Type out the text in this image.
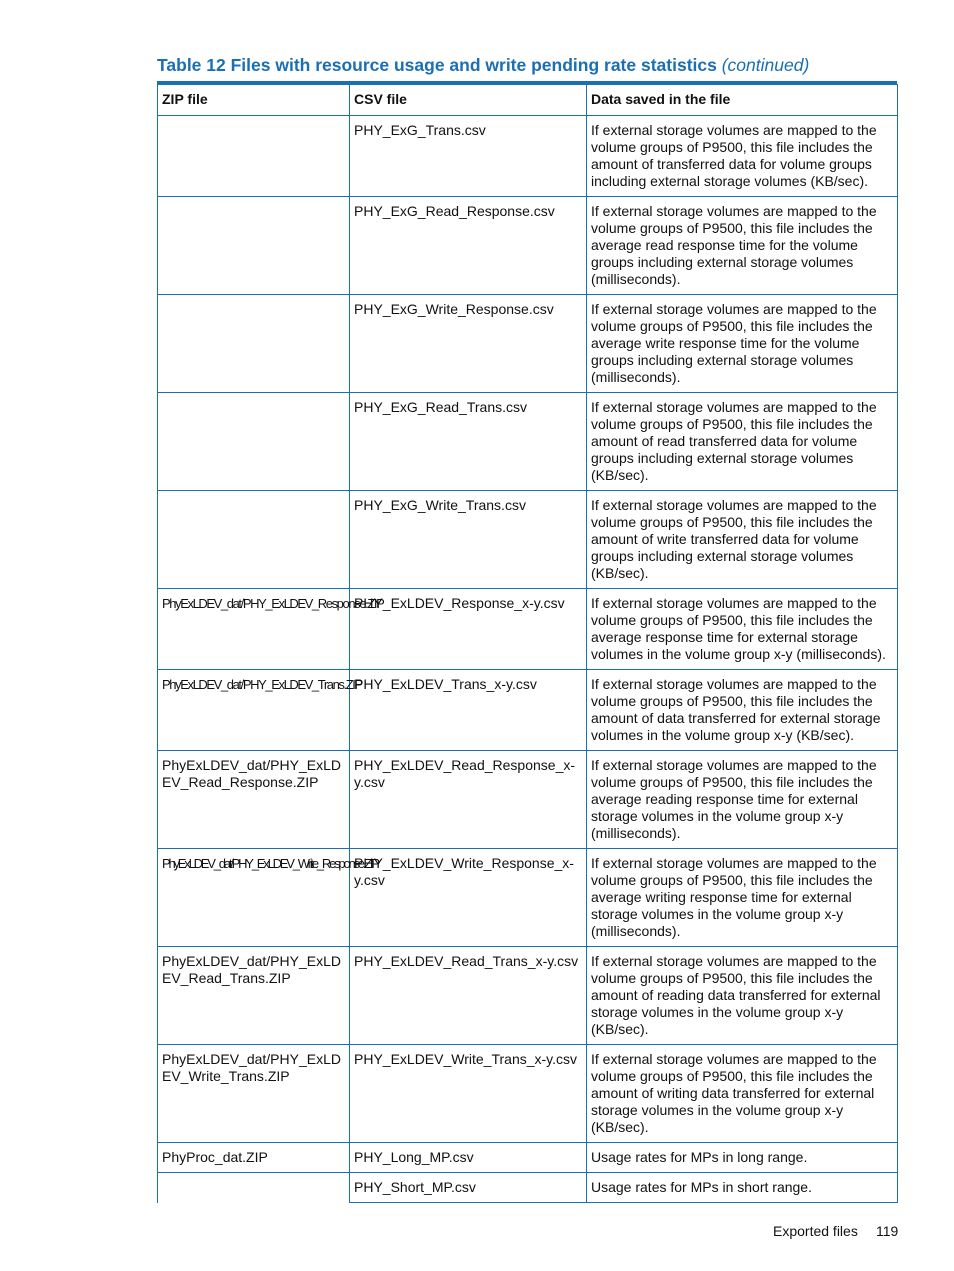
Table 12 Files with resource usage and write pending rate statistics (continued)
ZIP file	CSV file	Data saved in the file
	PHY_ExG_Trans.csv	If external storage volumes are mapped to the volume groups of P9500, this file includes the amount of transferred data for volume groups including external storage volumes (KB/sec).
	PHY_ExG_Read_Response.csv	If external storage volumes are mapped to the volume groups of P9500, this file includes the average read response time for the volume groups including external storage volumes (milliseconds).
	PHY_ExG_Write_Response.csv	If external storage volumes are mapped to the volume groups of P9500, this file includes the average write response time for the volume groups including external storage volumes (milliseconds).
	PHY_ExG_Read_Trans.csv	If external storage volumes are mapped to the volume groups of P9500, this file includes the amount of read transferred data for volume groups including external storage volumes (KB/sec).
	PHY_ExG_Write_Trans.csv	If external storage volumes are mapped to the volume groups of P9500, this file includes the amount of write transferred data for volume groups including external storage volumes (KB/sec).
PhyExLDEV_dat/PHY_ExLDEV_Response.ZIP	PHY_ExLDEV_Response_x-y.csv	If external storage volumes are mapped to the volume groups of P9500, this file includes the average response time for external storage volumes in the volume group x-y (milliseconds).
PhyExLDEV_dat/PHY_ExLDEV_Trans.ZIP	PHY_ExLDEV_Trans_x-y.csv	If external storage volumes are mapped to the volume groups of P9500, this file includes the amount of data transferred for external storage volumes in the volume group x-y (KB/sec).
PhyExLDEV_dat/PHY_ExLDEV_Read_Response.ZIP	PHY_ExLDEV_Read_Response_x-y.csv	If external storage volumes are mapped to the volume groups of P9500, this file includes the average reading response time for external storage volumes in the volume group x-y (milliseconds).
PhyExLDEV_dat/PHY_ExLDEV_Write_Response.ZIP	PHY_ExLDEV_Write_Response_x-y.csv	If external storage volumes are mapped to the volume groups of P9500, this file includes the average writing response time for external storage volumes in the volume group x-y (milliseconds).
PhyExLDEV_dat/PHY_ExLDEV_Read_Trans.ZIP	PHY_ExLDEV_Read_Trans_x-y.csv	If external storage volumes are mapped to the volume groups of P9500, this file includes the amount of reading data transferred for external storage volumes in the volume group x-y (KB/sec).
PhyExLDEV_dat/PHY_ExLDEV_Write_Trans.ZIP	PHY_ExLDEV_Write_Trans_x-y.csv	If external storage volumes are mapped to the volume groups of P9500, this file includes the amount of writing data transferred for external storage volumes in the volume group x-y (KB/sec).
PhyProc_dat.ZIP	PHY_Long_MP.csv	Usage rates for MPs in long range.
	PHY_Short_MP.csv	Usage rates for MPs in short range.
Exported files 119
